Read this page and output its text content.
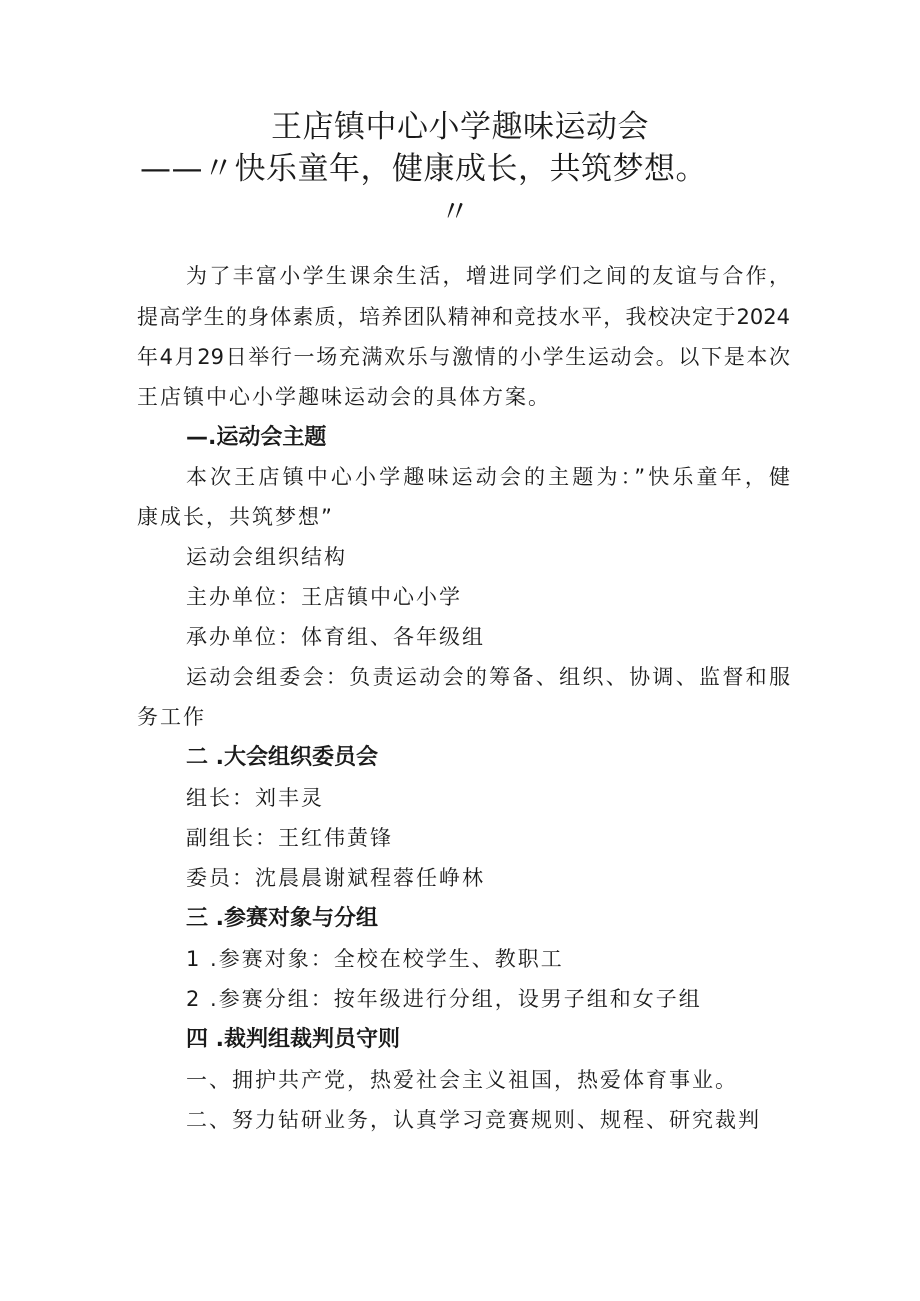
王店镇中心小学趣味运动会
——〃快乐童年，健康成长，共筑梦想。
〃
为了丰富小学生课余生活，增进同学们之间的友谊与合作，
提高学生的身体素质，培养团队精神和竞技水平，我校决定于2024
年4月29日举行一场充满欢乐与激情的小学生运动会。以下是本次
王店镇中心小学趣味运动会的具体方案。
—.运动会主题
本次王店镇中心小学趣味运动会的主题为：”快乐童年，健
康成长，共筑梦想”
运动会组织结构
主办单位：王店镇中心小学
承办单位：体育组、各年级组
运动会组委会：负责运动会的筹备、组织、协调、监督和服
务工作
二 .大会组织委员会
组长：刘丰灵
副组长：王红伟黄锋
委员：沈晨晨谢斌程蓉任峥林
三 .参赛对象与分组
1 .参赛对象：全校在校学生、教职工
2 .参赛分组：按年级进行分组，设男子组和女子组
四 .裁判组裁判员守则
一、拥护共产党，热爱社会主义祖国，热爱体育事业。
二、努力钻研业务，认真学习竞赛规则、规程、研究裁判
